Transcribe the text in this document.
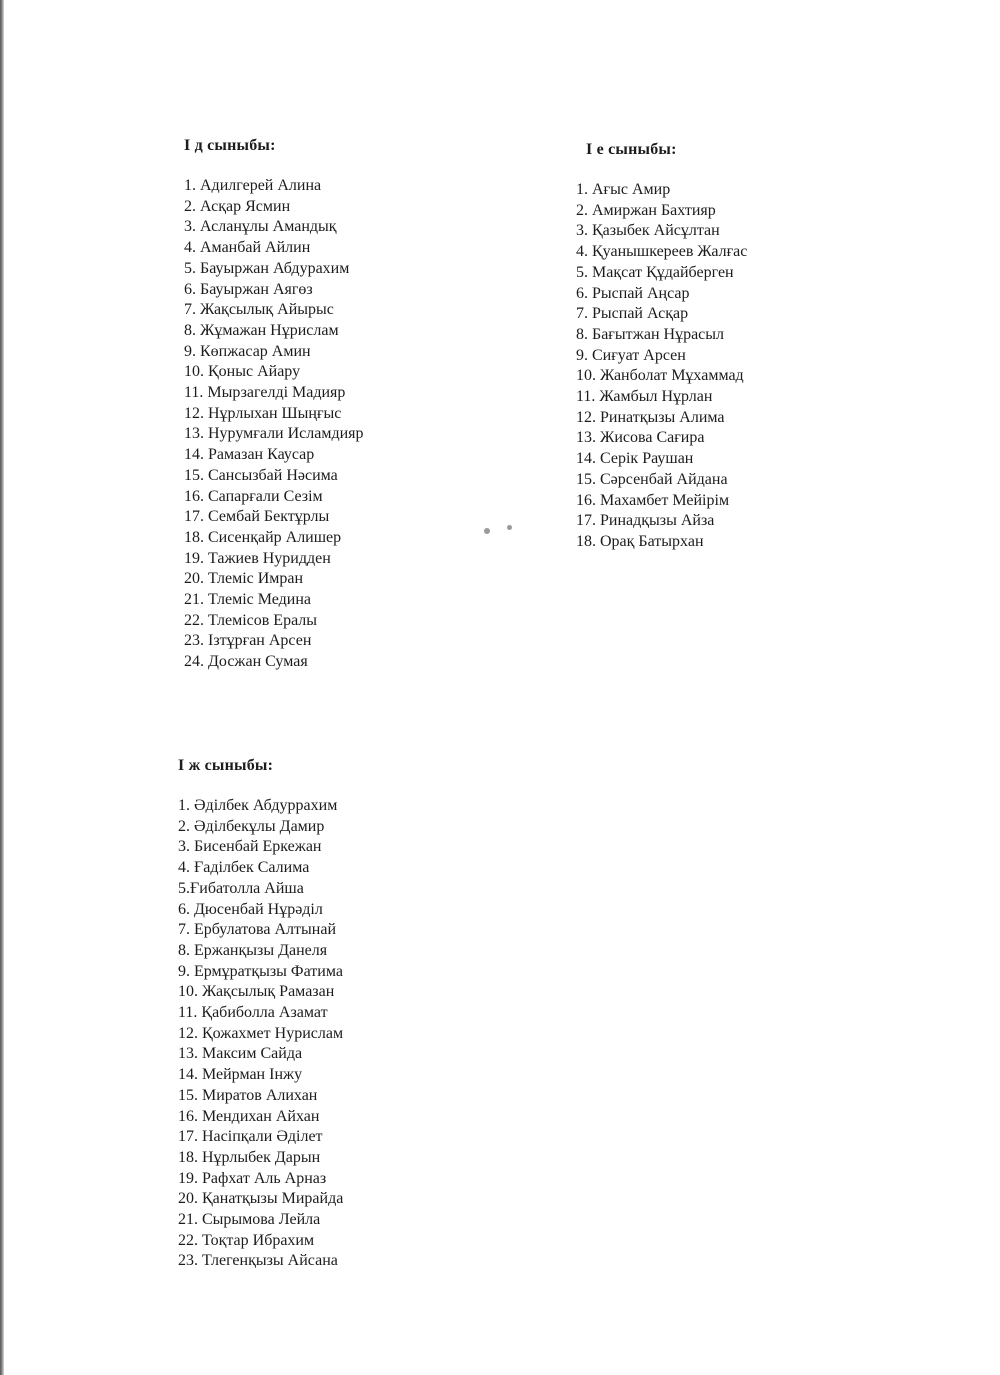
І д сыныбы:
1. Адилгерей Алина
2. Асқар Ясмин
3. Асланұлы Амандық
4. Аманбай Айлин
5. Бауыржан Абдурахим
6. Бауыржан Аягөз
7. Жақсылық Айырыс
8. Жұмажан Нұрислам
9. Көпжасар Амин
10. Қоныс Айару
11. Мырзагелді Мадияр
12. Нұрлыхан Шыңғыс
13. Нурумғали Исламдияр
14. Рамазан Каусар
15. Сансызбай Нәсима
16. Сапарғали Сезім
17. Сембай Бектұрлы
18. Сисенқайр Алишер
19. Тажиев Нуридден
20. Тлеміс Имран
21. Тлеміс Медина
22. Тлемісов Ералы
23. Ізтұрған Арсен
24. Досжан Сумая
І е сыныбы:
1. Ағыс Амир
2. Амиржан Бахтияр
3. Қазыбек Айсұлтан
4. Қуанышкереев Жалғас
5. Мақсат Құдайберген
6. Рыспай Аңсар
7. Рыспай Асқар
8. Бағытжан Нұрасыл
9. Сиғуат Арсен
10. Жанболат Мұхаммад
11. Жамбыл Нұрлан
12. Ринатқызы Алима
13. Жисова Сағира
14. Серік Раушан
15. Сәрсенбай Айдана
16. Махамбет Мейірім
17. Ринадқызы Айза
18. Орақ Батырхан
І ж сыныбы:
1. Әділбек Абдуррахим
2. Әділбекұлы Дамир
3. Бисенбай Еркежан
4. Ғаділбек Салима
5.Ғибатолла Айша
6. Дюсенбай Нұрәділ
7. Ербулатова Алтынай
8. Ержанқызы Данеля
9. Ермұратқызы Фатима
10. Жақсылық Рамазан
11. Қабиболла Азамат
12. Қожахмет Нурислам
13. Максим Сайда
14. Мейрман Інжу
15. Миратов Алихан
16. Мендихан Айхан
17. Насіпқали Әділет
18. Нұрлыбек Дарын
19. Рафхат Аль Арназ
20. Қанатқызы Мирайда
21. Сырымова Лейла
22. Тоқтар Ибрахим
23. Тлегенқызы Айсана
